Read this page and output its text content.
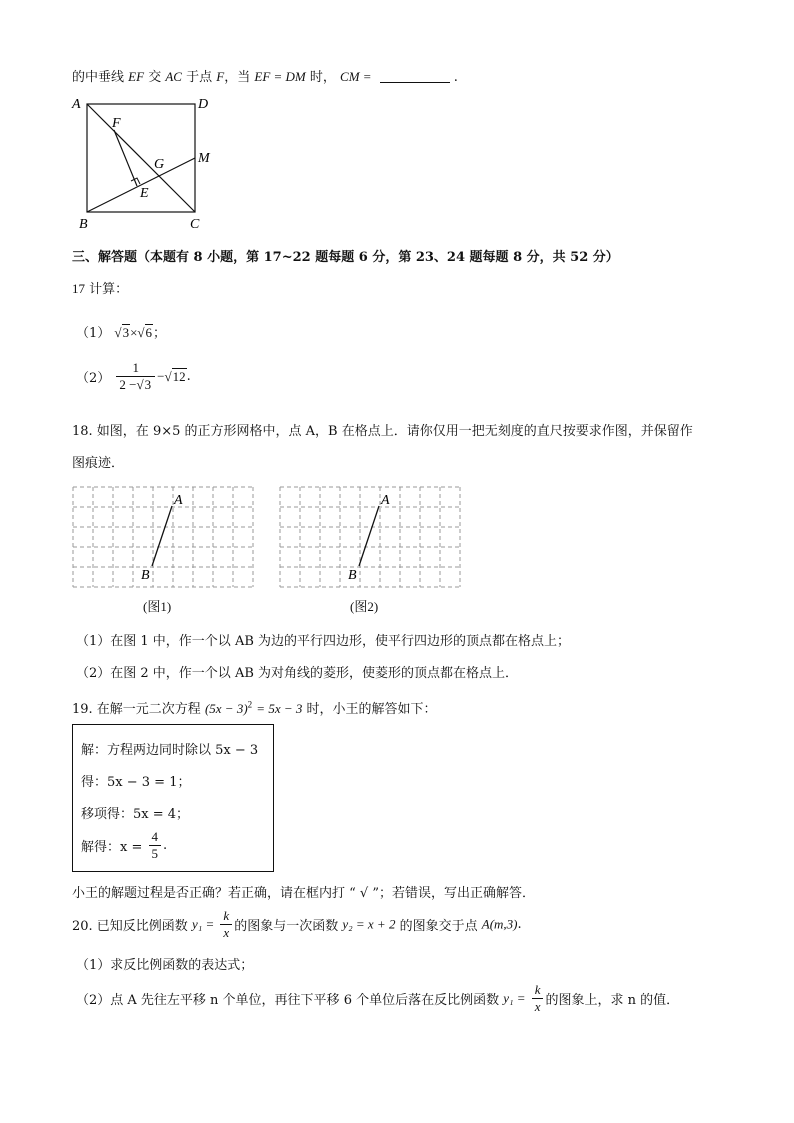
的中垂线 EF 交 AC 于点 F，当 EF = DM 时， CM =	.
A	D
F
G M
E
B	C
三、解答题（本题有 8 小题，第 17~22 题每题 6 分，第 23、24 题每题 8 分，共 52 分）
17 计算：
（1） √3×√6；
$(2) \frac{1}{2 -√3} -√12$.
18. 如图，在 9×5 的正方形网格中，点 A，B 在格点上．请你仅用一把无刻度的直尺按要求作图，并保留作
图痕迹．
A
B
(图1)
A
B
(图2)
（1）在图 1 中，作一个以 AB 为边的平行四边形，使平行四边形的顶点都在格点上；
（2）在图 2 中，作一个以 AB 为对角线的菱形，使菱形的顶点都在格点上．
19. 在解一元二次方程 $(5x - 3)^2 = 5x - 3$ 时，小王的解答如下：
解：方程两边同时除以 5x − 3
得：5x − 3 = 1；
移项得：5x = 4；
解得：$x = \frac{4}{5}$ .
小王的解题过程是否正确？若正确，请在框内打 “ √ ”；若错误，写出正确解答．
20. 已知反比例函数 $y_1 = \frac{k}{x}$ 的图象与一次函数 y₂ = x + 2 的图象交于点 A(m,3).
（1）求反比例函数的表达式；
（2）点 A 先往左平移 n 个单位，再往下平移 6 个单位后落在反比例函数 $y_1 = \frac{k}{x}$ 的图象上，求 n 的值．
